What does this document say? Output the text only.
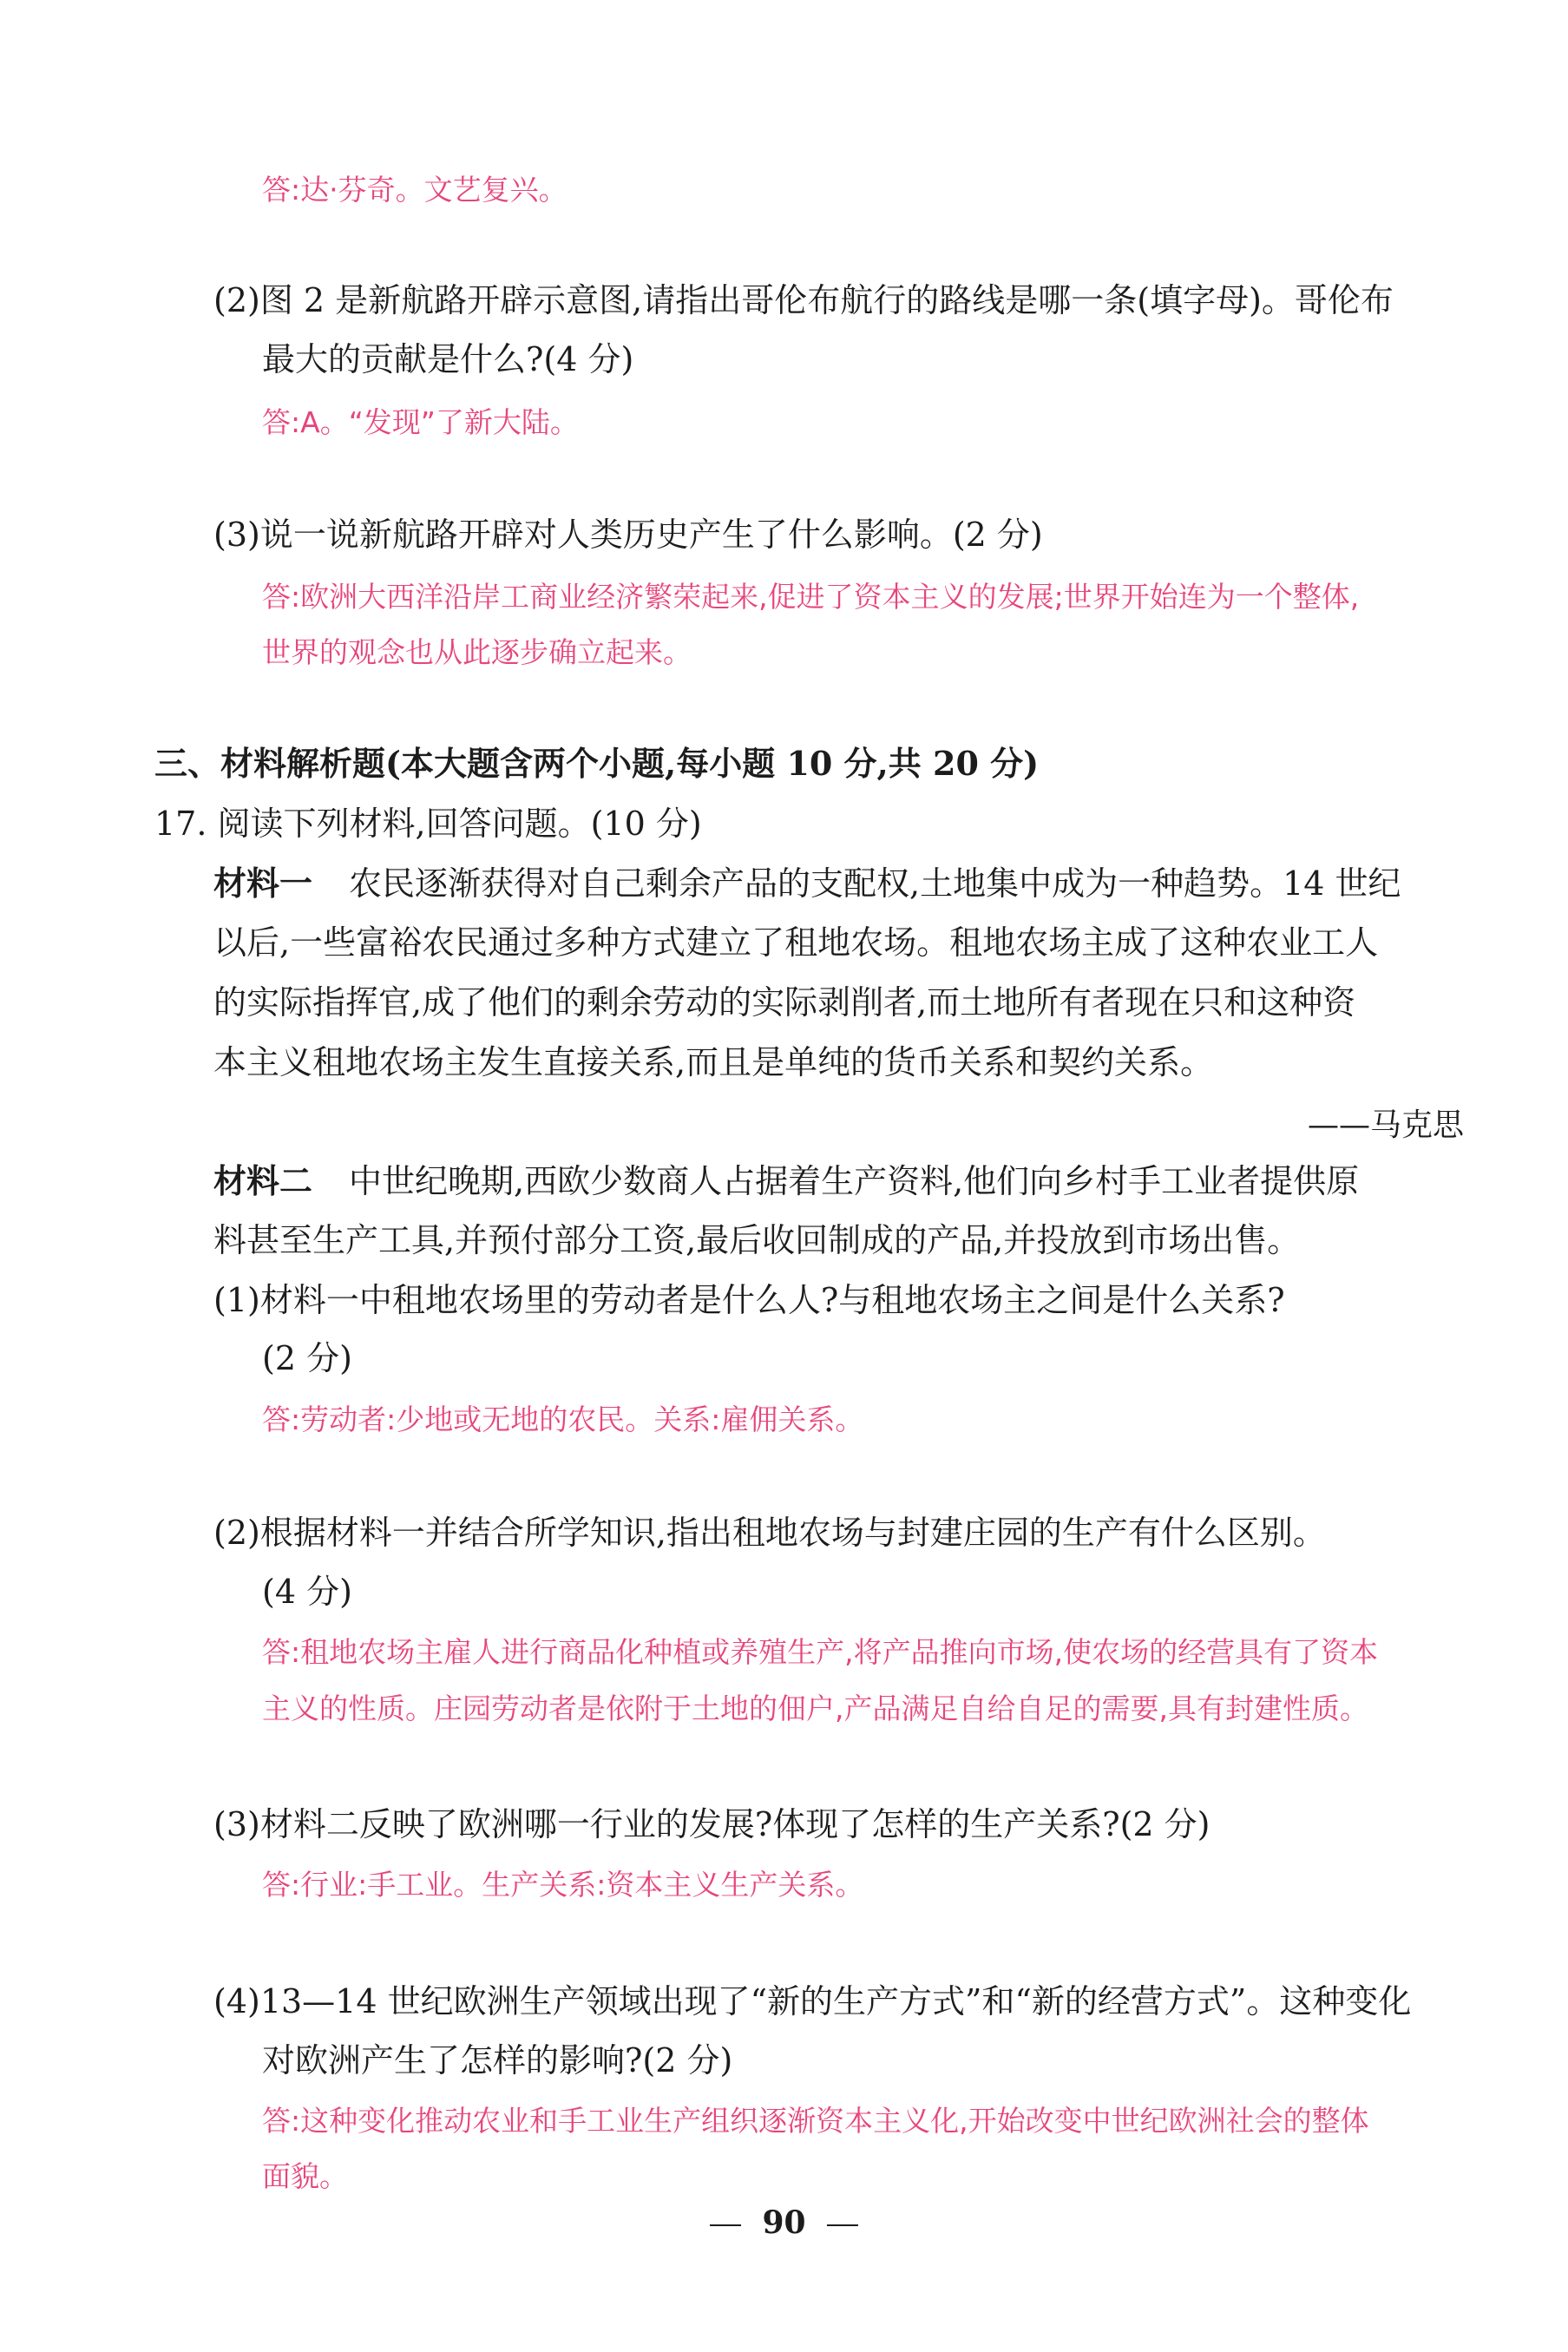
答:达·芬奇。文艺复兴。
(2)图 2 是新航路开辟示意图,请指出哥伦布航行的路线是哪一条(填字母)。哥伦布
最大的贡献是什么?(4 分)
答:A。“发现”了新大陆。
(3)说一说新航路开辟对人类历史产生了什么影响。(2 分)
答:欧洲大西洋沿岸工商业经济繁荣起来,促进了资本主义的发展;世界开始连为一个整体,
世界的观念也从此逐步确立起来。
三、材料解析题(本大题含两个小题,每小题 10 分,共 20 分)
17. 阅读下列材料,回答问题。(10 分)
材料一 农民逐渐获得对自己剩余产品的支配权,土地集中成为一种趋势。14 世纪
以后,一些富裕农民通过多种方式建立了租地农场。租地农场主成了这种农业工人
的实际指挥官,成了他们的剩余劳动的实际剥削者,而土地所有者现在只和这种资
本主义租地农场主发生直接关系,而且是单纯的货币关系和契约关系。
——马克思
材料二 中世纪晚期,西欧少数商人占据着生产资料,他们向乡村手工业者提供原
料甚至生产工具,并预付部分工资,最后收回制成的产品,并投放到市场出售。
(1)材料一中租地农场里的劳动者是什么人?与租地农场主之间是什么关系?
(2 分)
答:劳动者:少地或无地的农民。关系:雇佣关系。
(2)根据材料一并结合所学知识,指出租地农场与封建庄园的生产有什么区别。
(4 分)
答:租地农场主雇人进行商品化种植或养殖生产,将产品推向市场,使农场的经营具有了资本
主义的性质。庄园劳动者是依附于土地的佃户,产品满足自给自足的需要,具有封建性质。
(3)材料二反映了欧洲哪一行业的发展?体现了怎样的生产关系?(2 分)
答:行业:手工业。生产关系:资本主义生产关系。
(4)13—14 世纪欧洲生产领域出现了“新的生产方式”和“新的经营方式”。这种变化
对欧洲产生了怎样的影响?(2 分)
答:这种变化推动农业和手工业生产组织逐渐资本主义化,开始改变中世纪欧洲社会的整体
面貌。
90
